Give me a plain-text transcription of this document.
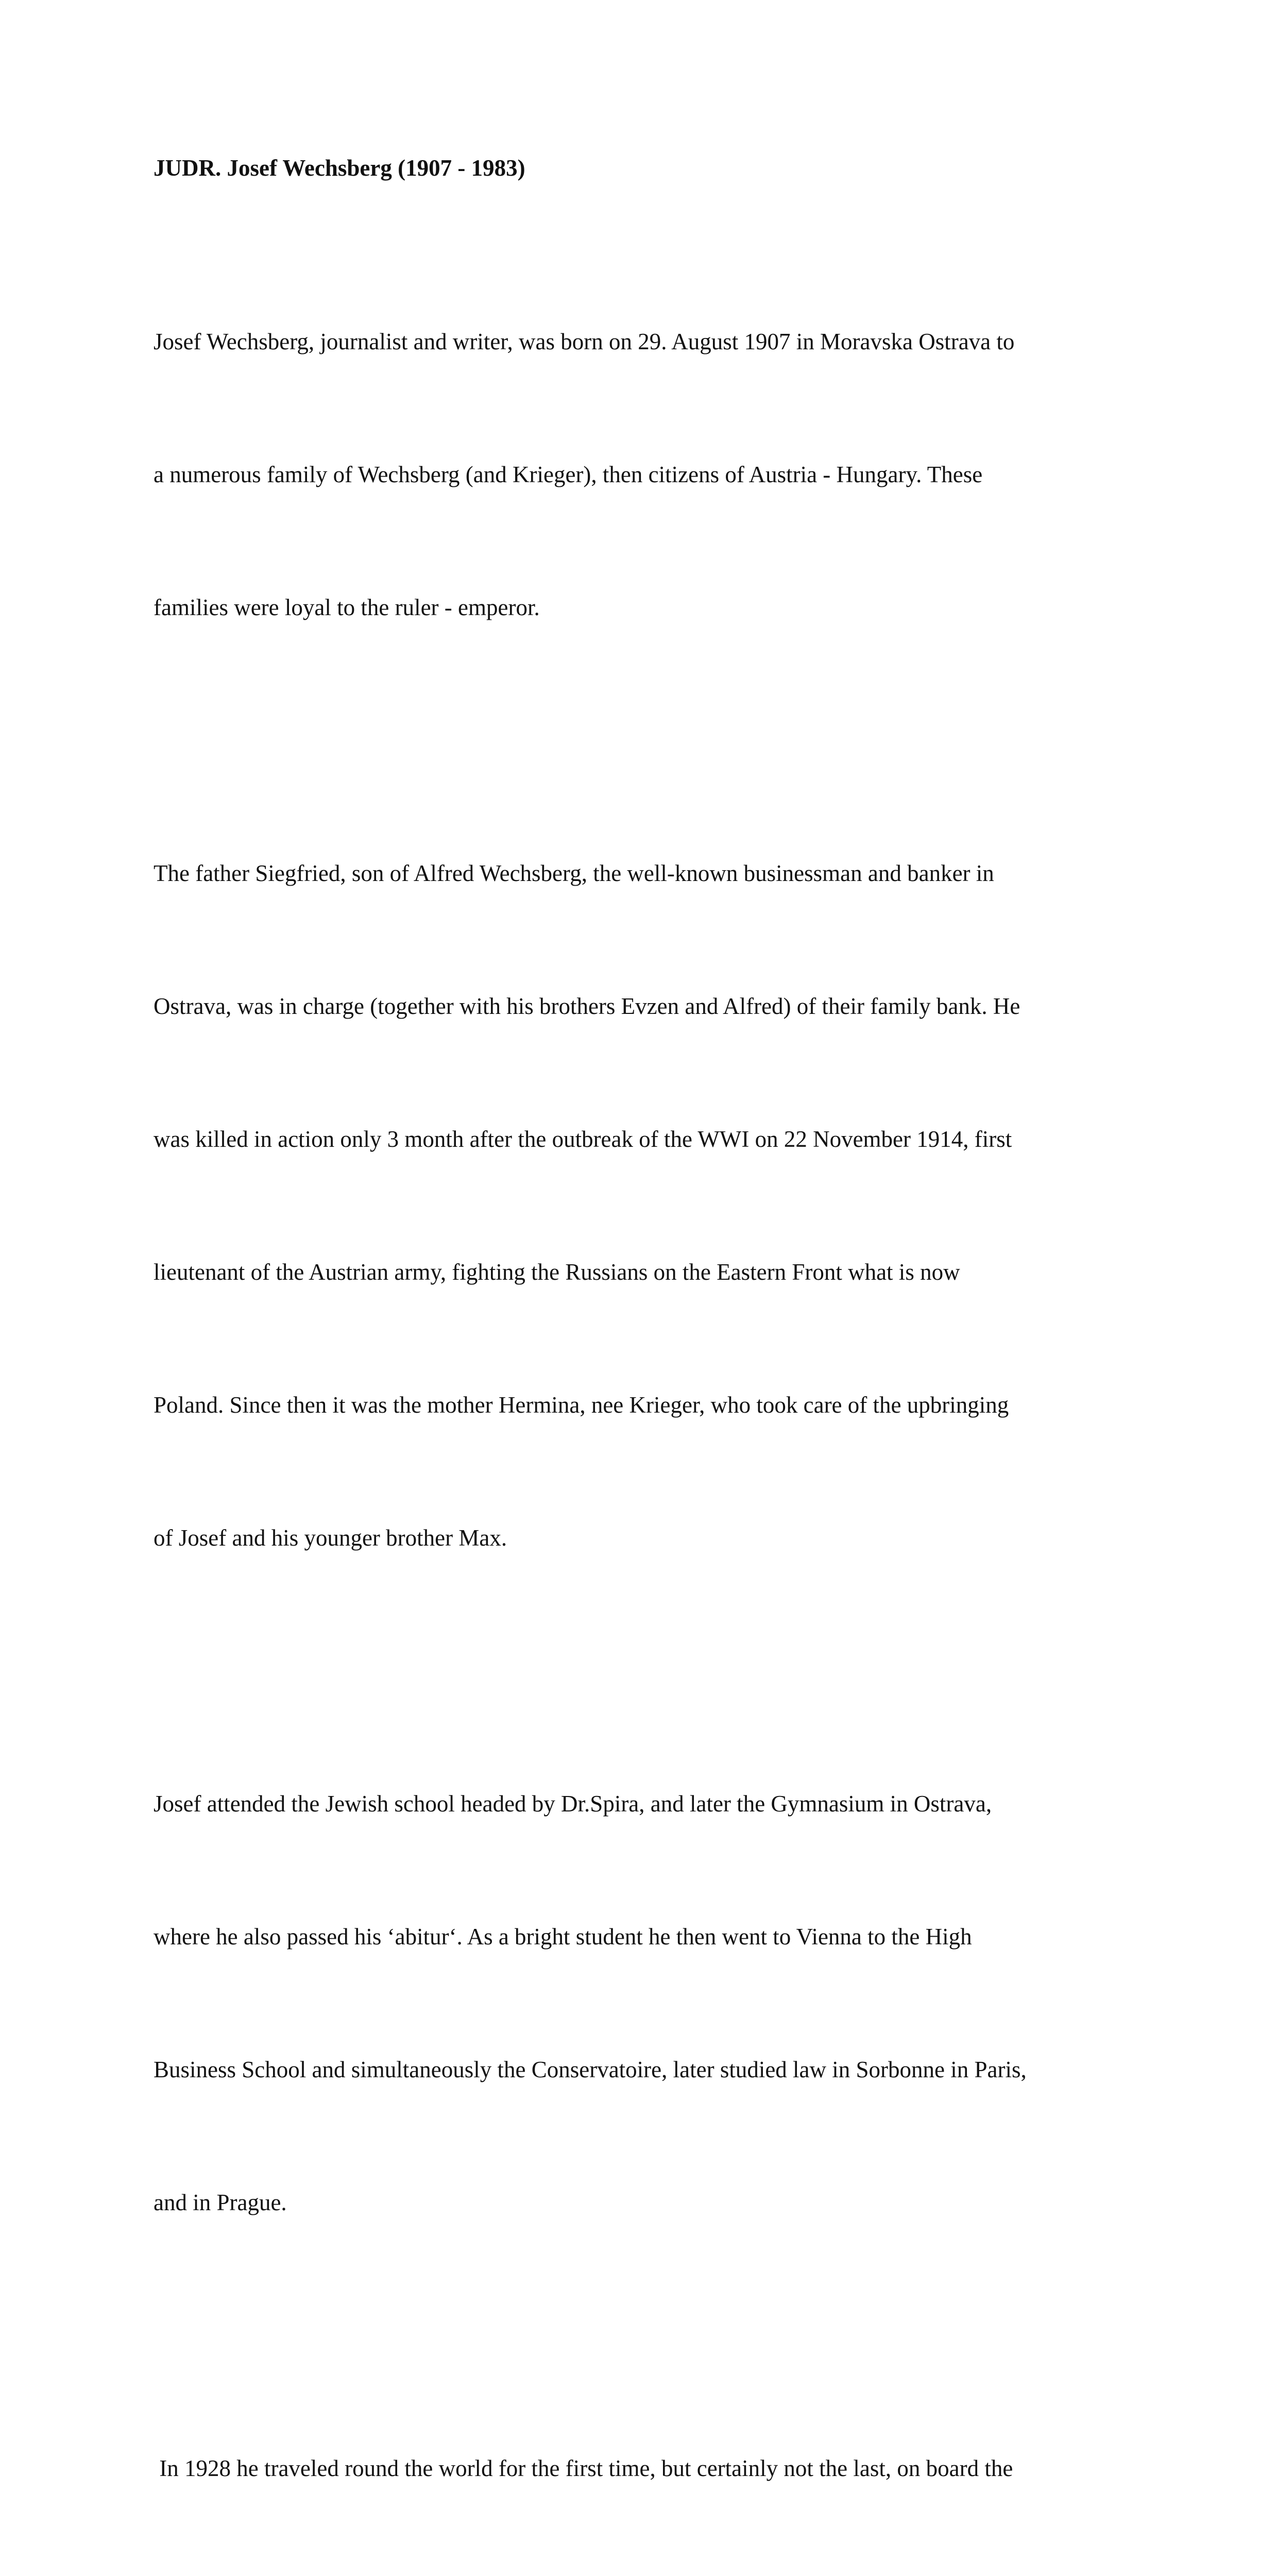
JUDR. Josef Wechsberg (1907 - 1983)

Josef Wechsberg, journalist and writer, was born on 29. August 1907 in Moravska Ostrava to

a numerous family of Wechsberg (and Krieger), then citizens of Austria - Hungary. These

families were loyal to the ruler - emperor.

The father Siegfried, son of Alfred Wechsberg, the well-known businessman and banker in

Ostrava, was in charge (together with his brothers Evzen and Alfred) of their family bank. He

was killed in action only 3 month after the outbreak of the WWI on 22 November 1914, first

lieutenant of the Austrian army, fighting the Russians on the Eastern Front what is now

Poland. Since then it was the mother Hermina, nee Krieger, who took care of the upbringing

of Josef and his younger brother Max.

Josef attended the Jewish school headed by Dr.Spira, and later the Gymnasium in Ostrava,

where he also passed his ‘abitur‘. As a bright student he then went to Vienna to the High

Business School and simultaneously the Conservatoire, later studied law in Sorbonne in Paris,

and in Prague.

In 1928 he traveled round the world for the first time, but certainly not the last, on board the
